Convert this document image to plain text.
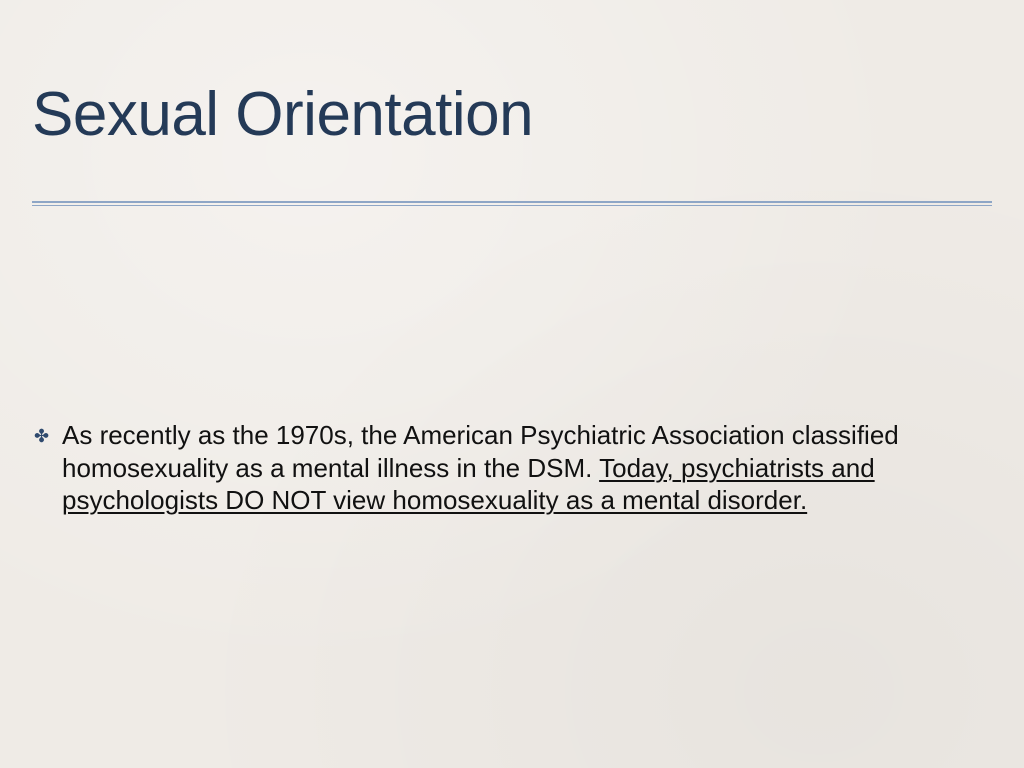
Sexual Orientation
✤ As recently as the 1970s, the American Psychiatric Association classified homosexuality as a mental illness in the DSM. Today, psychiatrists and psychologists DO NOT view homosexuality as a mental disorder.
